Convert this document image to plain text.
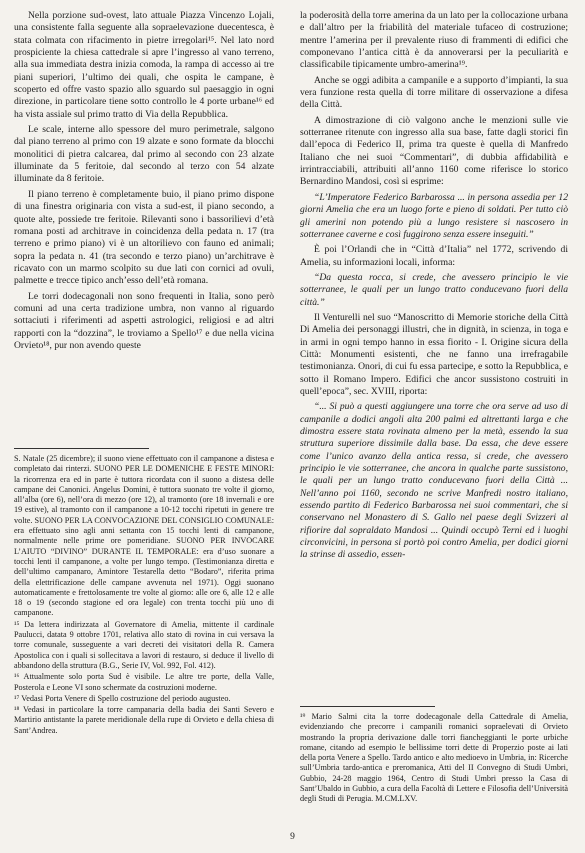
Nella porzione sud-ovest, lato attuale Piazza Vincenzo Lojali, una consistente falla seguente alla sopraelevazione duecentesca, è stata colmata con rifacimento in pietre irregolari¹⁵. Nel lato nord prospiciente la chiesa cattedrale si apre l’ingresso al vano terreno, alla sua immediata destra inizia comoda, la rampa di accesso ai tre piani superiori, l’ultimo dei quali, che ospita le campane, è scoperto ed offre vasto spazio allo sguardo sul paesaggio in ogni direzione, in particolare tiene sotto controllo le 4 porte urbane¹⁶ ed ha vista assiale sul primo tratto di Via della Repubblica.

Le scale, interne allo spessore del muro perimetrale, salgono dal piano terreno al primo con 19 alzate e sono formate da blocchi monolitici di pietra calcarea, dal primo al secondo con 23 alzate illuminate da 5 feritoie, dal secondo al terzo con 54 alzate illuminate da 8 feritoie.

Il piano terreno è completamente buio, il piano primo dispone di una finestra originaria con vista a sud-est, il piano secondo, a quote alte, possiede tre feritoie. Rilevanti sono i bassorilievi d’età romana posti ad architrave in coincidenza della pedata n. 17 (tra terreno e primo piano) vi è un altorilievo con fauno ed animali; sopra la pedata n. 41 (tra secondo e terzo piano) un’architrave è ricavato con un marmo scolpito su due lati con cornici ad ovuli, palmette e trecce tipico anch’esso dell’età romana.

Le torri dodecagonali non sono frequenti in Italia, sono però comuni ad una certa tradizione umbra, non vanno al riguardo sottaciuti i riferimenti ad aspetti astrologici, religiosi e ad altri rapporti con la “dozzina”, le troviamo a Spello¹⁷ e due nella vicina Orvieto¹⁸, pur non avendo queste

S. Natale (25 dicembre); il suono viene effettuato con il campanone a distesa e completato dai rinterzi. SUONO PER LE DOMENICHE E FESTE MINORI: la ricorrenza era ed in parte è tuttora ricordata con il suono a distesa delle campane dei Canonici. Angelus Domini, è tuttora suonato tre volte il giorno, all’alba (ore 6), nell’ora di mezzo (ore 12), al tramonto (ore 18 invernali e ore 19 estive), al tramonto con il campanone a 10-12 tocchi ripetuti in genere tre volte. SUONO PER LA CONVOCAZIONE DEL CONSIGLIO COMUNALE: era effettuato sino agli anni settanta con 15 tocchi lenti di campanone, normalmente nelle prime ore pomeridiane. SUONO PER INVOCARE L’AIUTO “DIVINO” DURANTE IL TEMPORALE: era d’uso suonare a tocchi lenti il campanone, a volte per lungo tempo. (Testimonianza diretta e dell’ultimo campanaro, Amintore Testarella detto “Bodaro”, riferita prima della elettrificazione delle campane avvenuta nel 1971). Oggi suonano automaticamente e frettolosamente tre volte al giorno: alle ore 6, alle 12 e alle 18 o 19 (secondo stagione ed ora legale) con trenta tocchi più uno di campanone.
¹⁵ Da lettera indirizzata al Governatore di Amelia, mittente il cardinale Paulucci, datata 9 ottobre 1701, relativa allo stato di rovina in cui versava la torre comunale, susseguente a vari decreti dei visitatori della R. Camera Apostolica con i quali si sollecitava a lavori di restauro, si deduce il livello di abbandono della struttura (B.G., Serie IV, Vol. 992, Fol. 412).
¹⁶ Attualmente solo porta Sud è visibile. Le altre tre porte, della Valle, Posterola e Leone VI sono schermate da costruzioni moderne.
¹⁷ Vedasi Porta Venere di Spello costruzione del periodo augusteo.
¹⁸ Vedasi in particolare la torre campanaria della badia dei Santi Severo e Martirio antistante la parete meridionale della rupe di Orvieto e della chiesa di Sant’Andrea.

la poderosità della torre amerina da un lato per la collocazione urbana e dall’altro per la friabilità del materiale tufaceo di costruzione; mentre l’amerina per il prevalente riuso di frammenti di edifici che componevano l’antica città è da annoverarsi per la peculiarità e classificabile tipicamente umbro-amerina¹⁹.

Anche se oggi adibita a campanile e a supporto d’impianti, la sua vera funzione resta quella di torre militare di osservazione a difesa della Città.

A dimostrazione di ciò valgono anche le menzioni sulle vie sotterranee ritenute con ingresso alla sua base, fatte dagli storici fin dall’epoca di Federico II, prima tra queste è quella di Manfredo Italiano che nei suoi “Commentari”, di dubbia affidabilità e irrintracciabili, attribuiti all’anno 1160 come riferisce lo storico Bernardino Mandosi, così si esprime:

“L’Imperatore Federico Barbarossa ... in persona assedia per 12 giorni Amelia che era un luogo forte e pieno di soldati. Per tutto ciò gli amerini non potendo più a lungo resistere si nascosero in sotterranee caverne e così fuggirono senza essere inseguiti.”

È poi l’Orlandi che in “Città d’Italia” nel 1772, scrivendo di Amelia, su informazioni locali, informa:

“Da questa rocca, si crede, che avessero principio le vie sotterranee, le quali per un lungo tratto conducevano fuori della città.”

Il Venturelli nel suo “Manoscritto di Memorie storiche della Città Di Amelia dei personaggi illustri, che in dignità, in scienza, in toga e in armi in ogni tempo hanno in essa fiorito - I. Origine sicura della Città: Monumenti esistenti, che ne fanno una irrefragabile testimonianza. Onori, di cui fu essa partecipe, e sotto la Repubblica, e sotto il Romano Impero. Edifici che ancor sussistono costruiti in quell’epoca”, sec. XVIII, riporta:

“... Si può a questi aggiungere una torre che ora serve ad uso di campanile a dodici angoli alta 200 palmi ed altrettanti larga e che dimostra essere stata rovinata almeno per la metà, essendo la sua struttura superiore dissimile dalla base. Da essa, che deve essere come l’unico avanzo della antica ressa, si crede, che avessero principio le vie sotterranee, che ancora in qualche parte sussistono, le quali per un lungo tratto conducevano fuori della Città ... Nell’anno poi 1160, secondo ne scrive Manfredi nostro italiano, essendo partito di Federico Barbarossa nei suoi commentari, che si conservano nel Monastero di S. Gallo nel paese degli Svizzeri al rifiorire dal sopraldato Mandosi ... Quindi occupò Terni ed i luoghi circonvicini, in persona si portò poi contro Amelia, per dodici giorni la strinse di assedio, essen-

¹⁹ Mario Salmi cita la torre dodecagonale della Cattedrale di Amelia, evidenziando che precorre i campanili romanici sopraelevati di Orvieto mostrando la propria derivazione dalle torri fiancheggianti le porte urbiche romane, citando ad esempio le bellissime torri dette di Properzio poste ai lati della porta Venere a Spello. Tardo antico e alto medioevo in Umbria, in: Ricerche sull’Umbria tardo-antica e preromanica, Atti del II Convegno di Studi Umbri, Gubbio, 24-28 maggio 1964, Centro di Studi Umbri presso la Casa di Sant’Ubaldo in Gubbio, a cura della Facoltà di Lettere e Filosofia dell’Università degli Studi di Perugia. M.CM.LXV.
9
